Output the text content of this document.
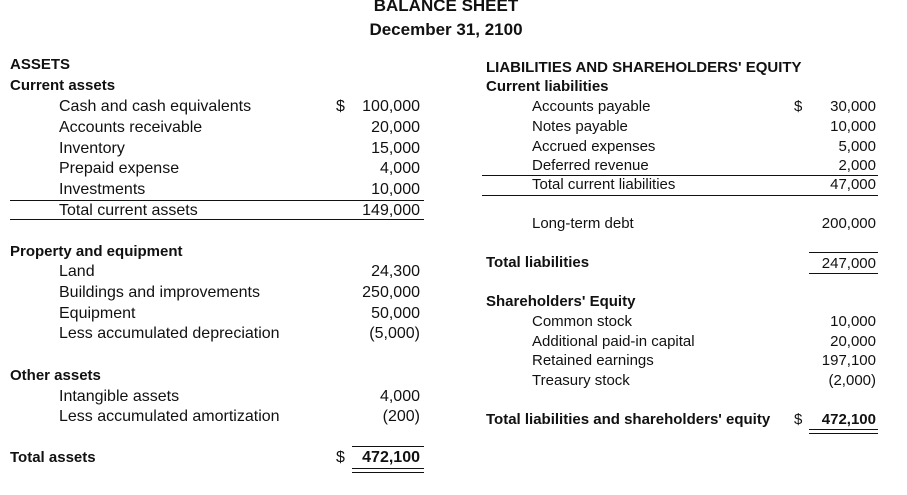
BALANCE SHEET
December 31, 2100
ASSETS
Current assets
Cash and cash equivalents	$	100,000
Accounts receivable	20,000
Inventory	15,000
Prepaid expense	4,000
Investments	10,000
Total current assets	149,000
Property and equipment
Land	24,300
Buildings and improvements	250,000
Equipment	50,000
Less accumulated depreciation	(5,000)
Other assets
Intangible assets	4,000
Less accumulated amortization	(200)
Total assets	$	472,100
LIABILITIES AND SHAREHOLDERS' EQUITY
Current liabilities
Accounts payable	$	30,000
Notes payable	10,000
Accrued expenses	5,000
Deferred revenue	2,000
Total current liabilities	47,000
Long-term debt	200,000
Total liabilities	247,000
Shareholders' Equity
Common stock	10,000
Additional paid-in capital	20,000
Retained earnings	197,100
Treasury stock	(2,000)
Total liabilities and shareholders' equity $	472,100
